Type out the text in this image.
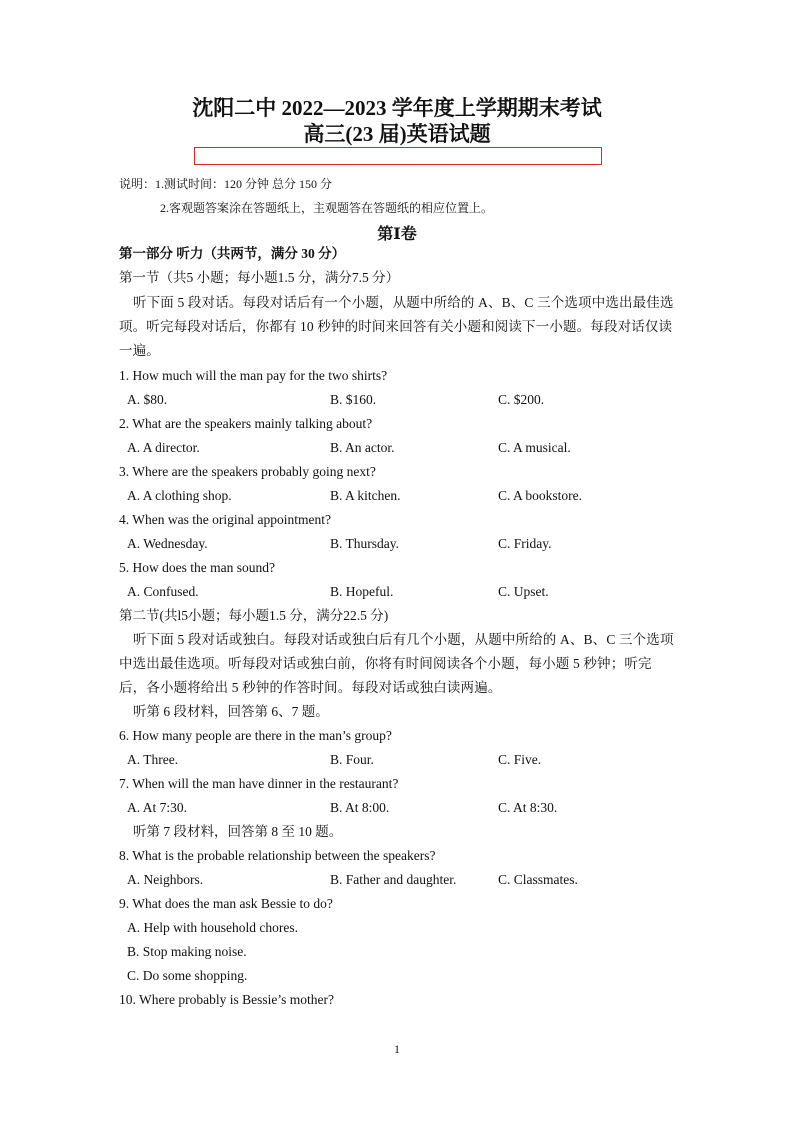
沈阳二中 2022—2023 学年度上学期期末考试
高三(23 届)英语试题
说明：1.测试时间：120 分钟 总分 150 分
2.客观题答案涂在答题纸上，主观题答在答题纸的相应位置上。
第Ⅰ卷
第一部分 听力（共两节，满分 30 分）
第一节（共5 小题；每小题1.5 分，满分7.5 分）
听下面 5 段对话。每段对话后有一个小题，从题中所给的 A、B、C 三个选项中选出最佳选项。听完每段对话后，你都有 10 秒钟的时间来回答有关小题和阅读下一小题。每段对话仅读一遍。
1. How much will the man pay for the two shirts?
A. $80.	B. $160.	C. $200.
2. What are the speakers mainly talking about?
A. A director.	B. An actor.	C. A musical.
3. Where are the speakers probably going next?
A. A clothing shop.	B. A kitchen.	C. A bookstore.
4. When was the original appointment?
A. Wednesday.	B. Thursday.	C. Friday.
5. How does the man sound?
A. Confused.	B. Hopeful.	C. Upset.
第二节(共l5小题；每小题1.5 分，满分22.5 分)
听下面 5 段对话或独白。每段对话或独白后有几个小题，从题中所给的 A、B、C 三个选项中选出最佳选项。听每段对话或独白前，你将有时间阅读各个小题，每小题 5 秒钟；听完后，各小题将给出 5 秒钟的作答时间。每段对话或独白读两遍。
听第 6 段材料，回答第 6、7 题。
6. How many people are there in the man’s group?
A. Three.	B. Four.	C. Five.
7. When will the man have dinner in the restaurant?
A. At 7:30.	B. At 8:00.	C. At 8:30.
听第 7 段材料，回答第 8 至 10 题。
8. What is the probable relationship between the speakers?
A. Neighbors.	B. Father and daughter.	C. Classmates.
9. What does the man ask Bessie to do?
A. Help with household chores.
B. Stop making noise.
C. Do some shopping.
10. Where probably is Bessie’s mother?
1
